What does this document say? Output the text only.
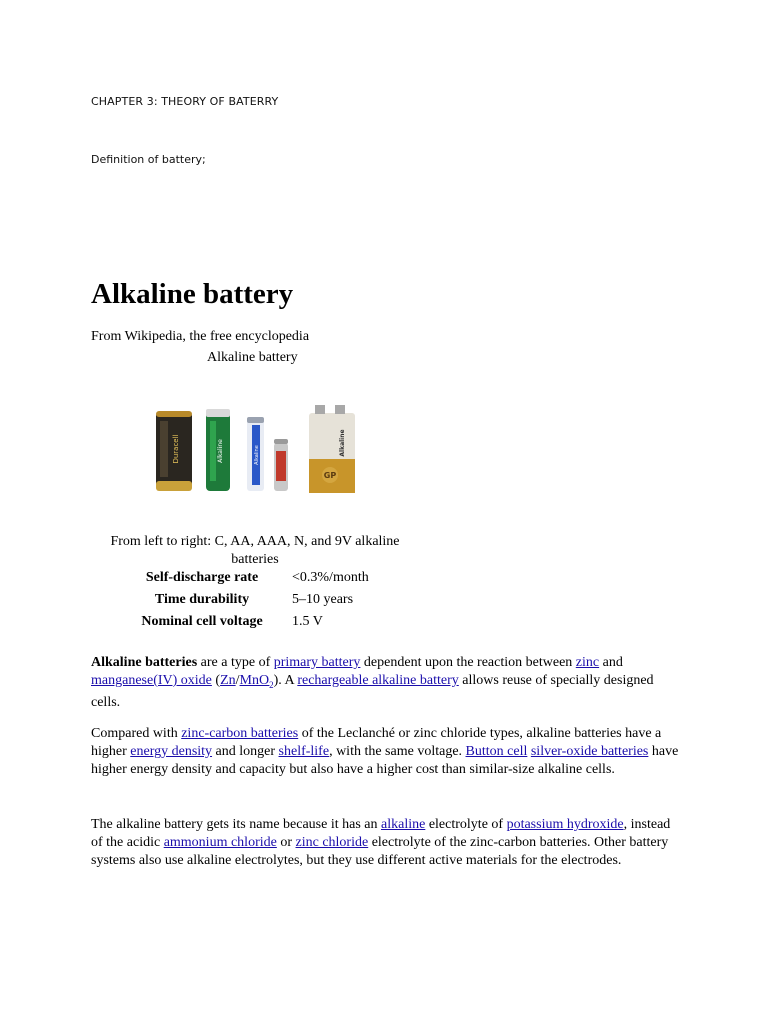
CHAPTER 3: THEORY OF BATERRY
Definition of battery;
Alkaline battery
From Wikipedia, the free encyclopedia
Alkaline battery
Duracell	Alkaline	Alkaline
GP
Alkaline
From left to right: C, AA, AAA, N, and 9V alkaline batteries
Self-discharge rate	<0.3%/month
Time durability	5–10 years
Nominal cell voltage	1.5 V
Alkaline batteries are a type of primary battery dependent upon the reaction between zinc and manganese(IV) oxide (Zn/MnO$_2$). A rechargeable alkaline battery allows reuse of specially designed cells.
Compared with zinc-carbon batteries of the Leclanché or zinc chloride types, alkaline batteries have a higher energy density and longer shelf-life, with the same voltage. Button cell silver-oxide batteries have higher energy density and capacity but also have a higher cost than similar-size alkaline cells.
The alkaline battery gets its name because it has an alkaline electrolyte of potassium hydroxide, instead of the acidic ammonium chloride or zinc chloride electrolyte of the zinc-carbon batteries. Other battery systems also use alkaline electrolytes, but they use different active materials for the electrodes.
